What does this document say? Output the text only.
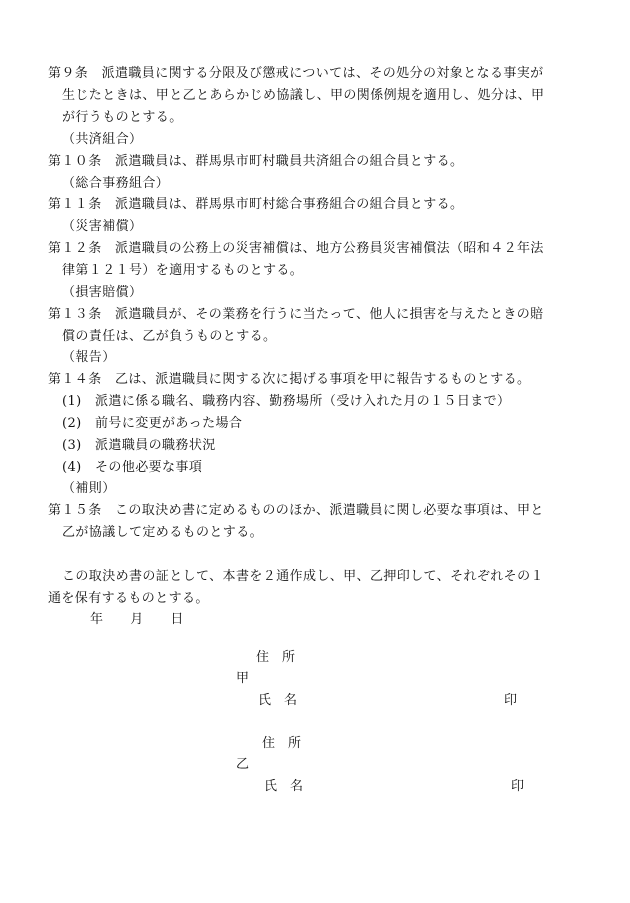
第９条　派遣職員に関する分限及び懲戒については、その処分の対象となる事実が
生じたときは、甲と乙とあらかじめ協議し、甲の関係例規を適用し、処分は、甲
が行うものとする。
（共済組合）
第１０条　派遣職員は、群馬県市町村職員共済組合の組合員とする。
（総合事務組合）
第１１条　派遣職員は、群馬県市町村総合事務組合の組合員とする。
（災害補償）
第１２条　派遣職員の公務上の災害補償は、地方公務員災害補償法（昭和４２年法
律第１２１号）を適用するものとする。
（損害賠償）
第１３条　派遣職員が、その業務を行うに当たって、他人に損害を与えたときの賠
償の責任は、乙が負うものとする。
（報告）
第１４条　乙は、派遣職員に関する次に掲げる事項を甲に報告するものとする。
(1)　派遣に係る職名、職務内容、勤務場所（受け入れた月の１５日まで）
(2)　前号に変更があった場合
(3)　派遣職員の職務状況
(4)　その他必要な事項
（補則）
第１５条　この取決め書に定めるもののほか、派遣職員に関し必要な事項は、甲と
乙が協議して定めるものとする。
この取決め書の証として、本書を２通作成し、甲、乙押印して、それぞれその１
通を保有するものとする。
年　　月　　日
住　所
甲
氏　名	印
住　所
乙
氏　名	印
